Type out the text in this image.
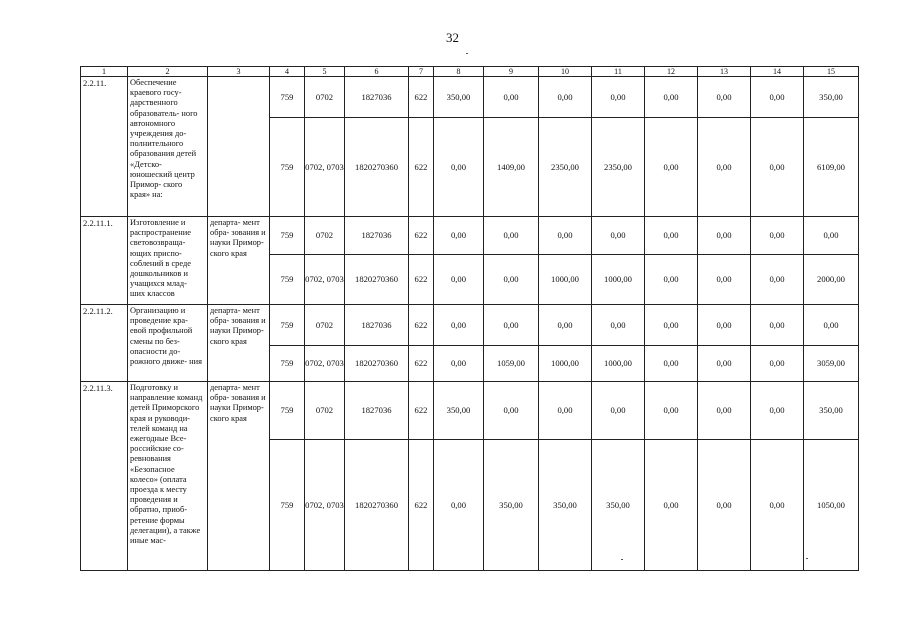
32
1	2	3	4	5	6	7	8	9	10	11	12	13	14	15
2.2.11.	Обеспечение краевого госу- дарственного образователь- ного автономного учреждения до- полнительного образования детей «Детско- юношеский центр Примор- ского края» на:		759	0702	1827036	622	350,00	0,00	0,00	0,00	0,00	0,00	0,00	350,00
			759	0702, 0703	1820270360	622	0,00	1409,00	2350,00	2350,00	0,00	0,00	0,00	6109,00
2.2.11.1.	Изготовление и распространение световозвраща- ющих приспо- соблений в среде дошкольников и учащихся млад- ших классов	департа- мент обра- зования и науки Примор- ского края	759	0702	1827036	622	0,00	0,00	0,00	0,00	0,00	0,00	0,00	0,00
			759	0702, 0703	1820270360	622	0,00	0,00	1000,00	1000,00	0,00	0,00	0,00	2000,00
2.2.11.2.	Организацию и проведение кра- евой профильной смены по без- опасности до- рожного движе- ния	департа- мент обра- зования и науки Примор- ского края	759	0702	1827036	622	0,00	0,00	0,00	0,00	0,00	0,00	0,00	0,00
			759	0702, 0703	1820270360	622	0,00	1059,00	1000,00	1000,00	0,00	0,00	0,00	3059,00
2.2.11.3.	Подготовку и направление команд детей Приморского края и руководи- телей команд на ежегодные Все- российские со- ревнования «Безопасное колесо» (оплата проезда к месту проведения и обратно, приоб- ретение формы делегации), а также иные мас-	департа- мент обра- зования и науки Примор- ского края	759	0702	1827036	622	350,00	0,00	0,00	0,00	0,00	0,00	0,00	350,00
			759	0702, 0703	1820270360	622	0,00	350,00	350,00	350,00	0,00	0,00	0,00	1050,00
